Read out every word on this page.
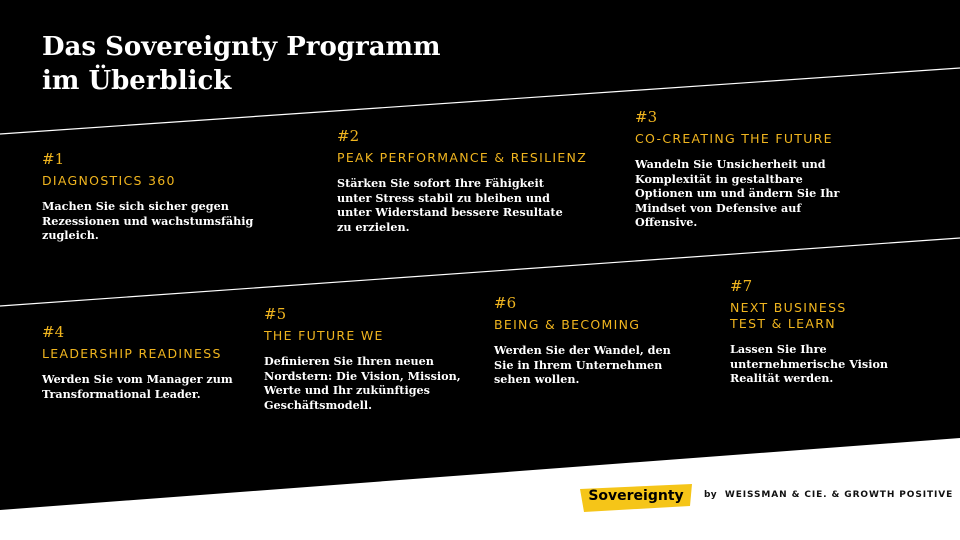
Das Sovereignty Programm
im Überblick
#1
DIAGNOSTICS 360
Machen Sie sich sicher gegen
Rezessionen und wachstumsfähig
zugleich.
#2
PEAK PERFORMANCE & RESILIENZ
Stärken Sie sofort Ihre Fähigkeit
unter Stress stabil zu bleiben und
unter Widerstand bessere Resultate
zu erzielen.
#3
CO-CREATING THE FUTURE
Wandeln Sie Unsicherheit und
Komplexität in gestaltbare
Optionen um und ändern Sie Ihr
Mindset von Defensive auf
Offensive.
#4
LEADERSHIP READINESS
Werden Sie vom Manager zum
Transformational Leader.
#5
THE FUTURE WE
Definieren Sie Ihren neuen
Nordstern: Die Vision, Mission,
Werte und Ihr zukünftiges
Geschäftsmodell.
#6
BEING & BECOMING
Werden Sie der Wandel, den
Sie in Ihrem Unternehmen
sehen wollen.
#7
NEXT BUSINESS
TEST & LEARN
Lassen Sie Ihre
unternehmerische Vision
Realität werden.
Sovereignty	by WEISSMAN & CIE. & GROWTH POSITIVE
